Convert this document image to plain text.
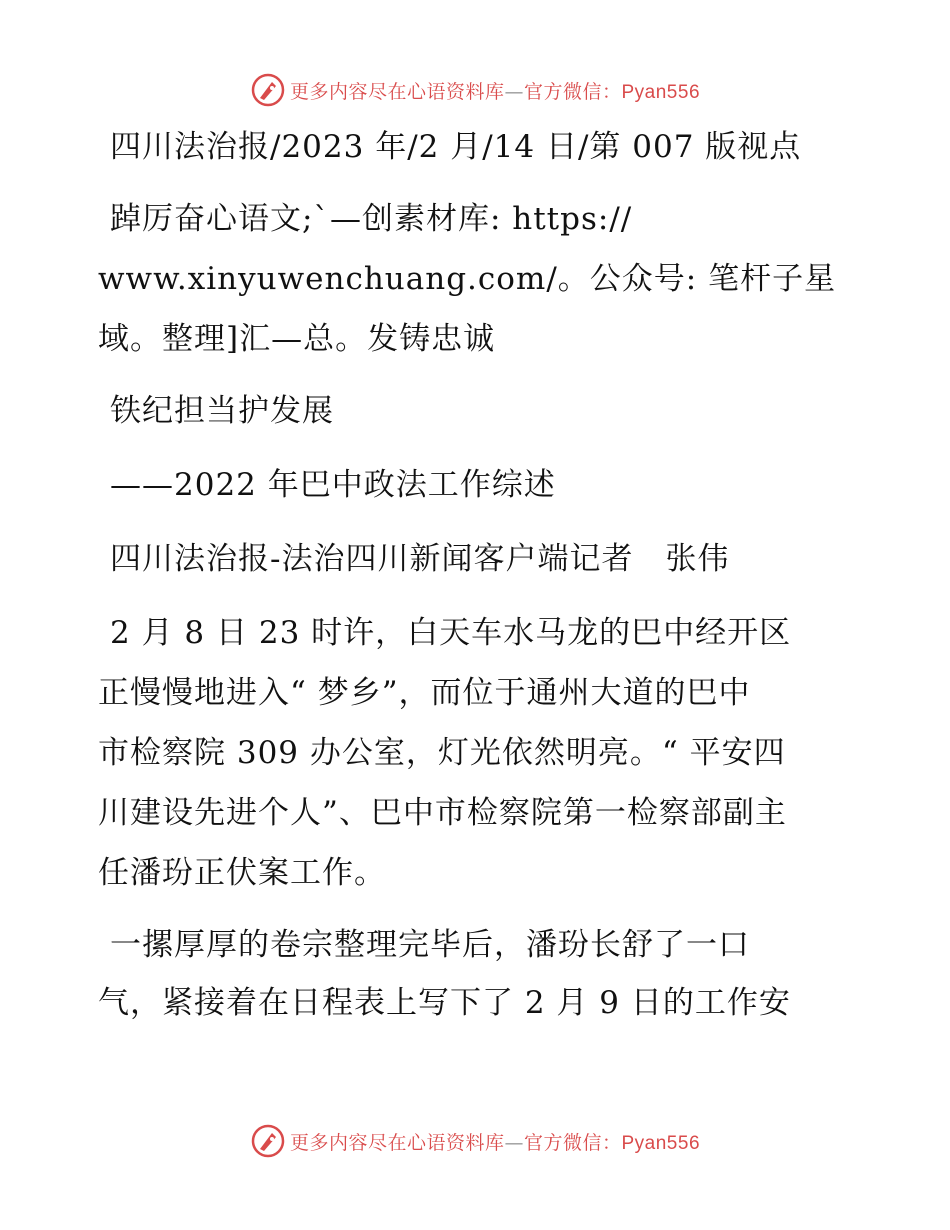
更多内容尽在心语资料库—官方微信：Pyan556
四川法治报/2023 年/2 月/14 日/第 007 版视点
踔厉奋心语文;`—创素材库: https://
www.xinyuwenchuang.com/。公众号: 笔杆子星
域。整理]汇—总。发铸忠诚
铁纪担当护发展
——2022 年巴中政法工作综述
四川法治报-法治四川新闻客户端记者　张伟
2 月 8 日 23 时许，白天车水马龙的巴中经开区
正慢慢地进入“ 梦乡”，而位于通州大道的巴中
市检察院 309 办公室，灯光依然明亮。“ 平安四
川建设先进个人”、巴中市检察院第一检察部副主
任潘玢正伏案工作。
一摞厚厚的卷宗整理完毕后，潘玢长舒了一口
气，紧接着在日程表上写下了 2 月 9 日的工作安
更多内容尽在心语资料库—官方微信：Pyan556
